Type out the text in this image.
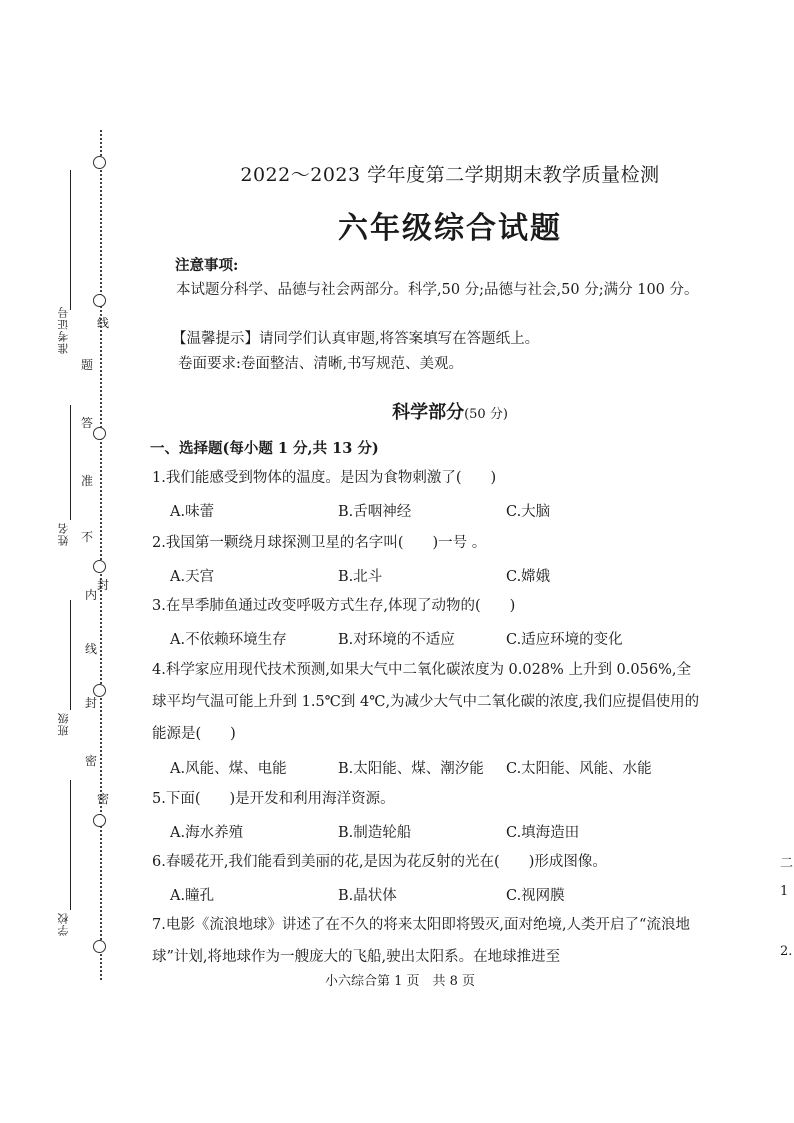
线
题
答
准
不
内
封
线
封
密
密
准考证号
姓名
班级
学校
2022～2023 学年度第二学期期末教学质量检测
六年级综合试题
注意事项:
本试题分科学、品德与社会两部分。科学,50 分;品德与社会,50 分;满分 100 分。
【温馨提示】请同学们认真审题,将答案填写在答题纸上。
卷面要求:卷面整洁、清晰,书写规范、美观。
科学部分(50 分)
一、选择题(每小题 1 分,共 13 分)
1.我们能感受到物体的温度。是因为食物刺激了(　　)
A.味蕾	B.舌咽神经	C.大脑
2.我国第一颗绕月球探测卫星的名字叫(　　)一号 。
A.天宫	B.北斗	C.嫦娥
3.在旱季肺鱼通过改变呼吸方式生存,体现了动物的(　　)
A.不依赖环境生存	B.对环境的不适应	C.适应环境的变化
4.科学家应用现代技术预测,如果大气中二氧化碳浓度为 0.028% 上升到 0.056%,全球平均气温可能上升到 1.5℃到 4℃,为减少大气中二氧化碳的浓度,我们应提倡使用的能源是(　　)
A.风能、煤、电能	B.太阳能、煤、潮汐能 C.太阳能、风能、水能
5.下面(　　)是开发和利用海洋资源。
A.海水养殖	B.制造轮船	C.填海造田
6.春暖花开,我们能看到美丽的花,是因为花反射的光在(　　)形成图像。
A.瞳孔	B.晶状体	C.视网膜
7.电影《流浪地球》讲述了在不久的将来太阳即将毁灭,面对绝境,人类开启了“流浪地球”计划,将地球作为一艘庞大的飞船,驶出太阳系。在地球推进至
小六综合第 1 页　共 8 页
二
1
2.
